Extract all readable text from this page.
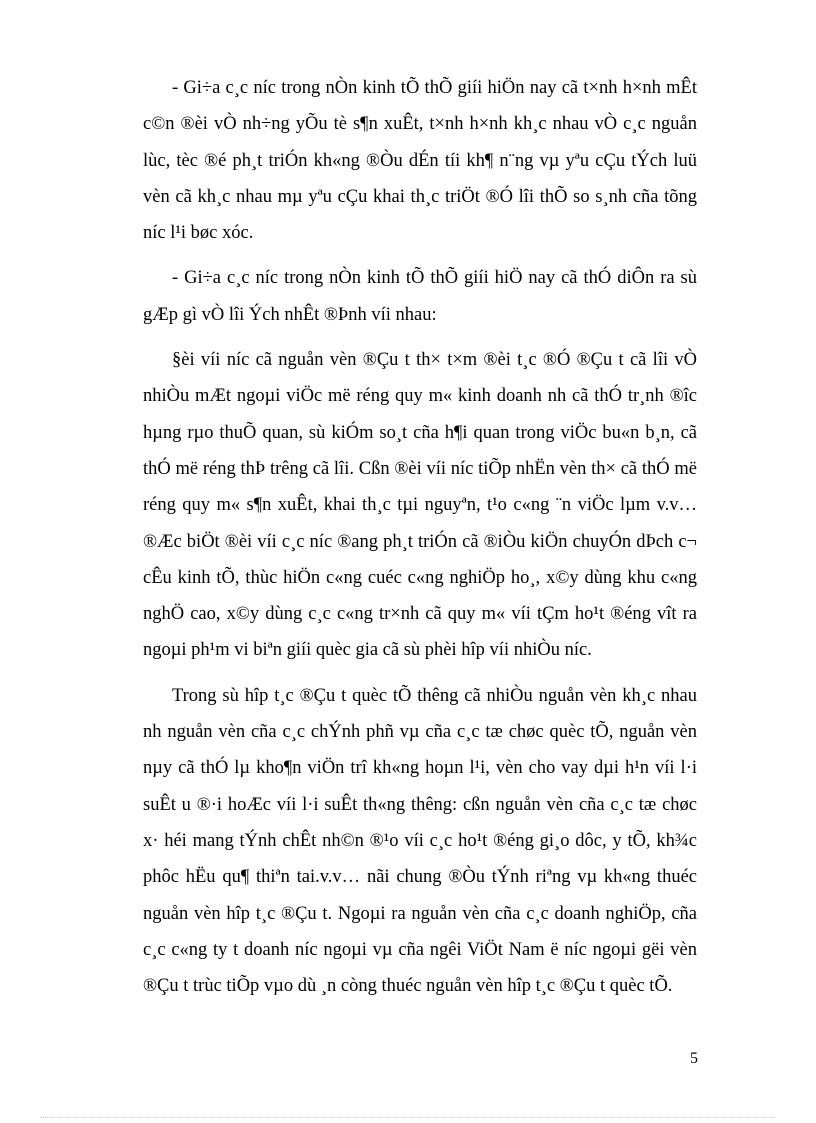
- Gi÷a c¸c níc trong nÒn kinh tÕ thÕ giíi hiÖn nay cã t×nh h×nh mÊt c©n ®èi vÒ nh÷ng yÕu tè s¶n xuÊt, t×nh h×nh kh¸c nhau vÒ c¸c nguån lùc, tèc ®é ph¸t triÓn kh«ng ®Òu dÉn tíi kh¶ n¨ng vµ yªu cÇu tÝch luü vèn cã kh¸c nhau mµ yªu cÇu khai th¸c triÖt ®Ó lîi thÕ so s¸nh cña tõng níc l¹i bøc xóc.

- Gi÷a c¸c níc trong nÒn kinh tÕ thÕ giíi hiÖ nay cã thÓ diÔn ra sù gÆp gì vÒ lîi Ých nhÊt ®Þnh víi nhau:

§èi víi níc cã nguån vèn ®Çu t th× t×m ®èi t¸c ®Ó ®Çu t cã lîi vÒ nhiÒu mÆt ngoµi viÖc më réng quy m« kinh doanh nh cã thÓ tr¸nh ®îc hµng rµo thuÕ quan, sù kiÓm so¸t cña h¶i quan trong viÖc bu«n b¸n, cã thÓ më réng thÞ trêng cã lîi. Cßn ®èi víi níc tiÕp nhËn vèn th× cã thÓ më réng quy m« s¶n xuÊt, khai th¸c tµi nguyªn, t¹o c«ng ¨n viÖc lµm v.v… ®Æc biÖt ®èi víi c¸c níc ®ang ph¸t triÓn cã ®iÒu kiÖn chuyÓn dÞch c¬ cÊu kinh tÕ, thùc hiÖn c«ng cuéc c«ng nghiÖp ho¸, x©y dùng khu c«ng nghÖ cao, x©y dùng c¸c c«ng tr×nh cã quy m« víi tÇm ho¹t ®éng vît ra ngoµi ph¹m vi biªn giíi quèc gia cã sù phèi hîp víi nhiÒu níc.

Trong sù hîp t¸c ®Çu t quèc tÕ thêng cã nhiÒu nguån vèn kh¸c nhau nh nguån vèn cña c¸c chÝnh phñ vµ cña c¸c tæ chøc quèc tÕ, nguån vèn nµy cã thÓ lµ kho¶n viÖn trî kh«ng hoµn l¹i, vèn cho vay dµi h¹n víi l·i suÊt u ®·i hoÆc víi l·i suÊt th«ng thêng: cßn nguån vèn cña c¸c tæ chøc x· héi mang tÝnh chÊt nh©n ®¹o víi c¸c ho¹t ®éng gi¸o dôc, y tÕ, kh¾c phôc hËu qu¶ thiªn tai.v.v… nãi chung ®Òu tÝnh riªng vµ kh«ng thuéc nguån vèn hîp t¸c ®Çu t. Ngoµi ra nguån vèn cña c¸c doanh nghiÖp, cña c¸c c«ng ty t doanh níc ngoµi vµ cña ngêi ViÖt Nam ë níc ngoµi gëi vèn ®Çu t trùc tiÕp vµo dù ¸n còng thuéc nguån vèn hîp t¸c ®Çu t quèc tÕ.

5
